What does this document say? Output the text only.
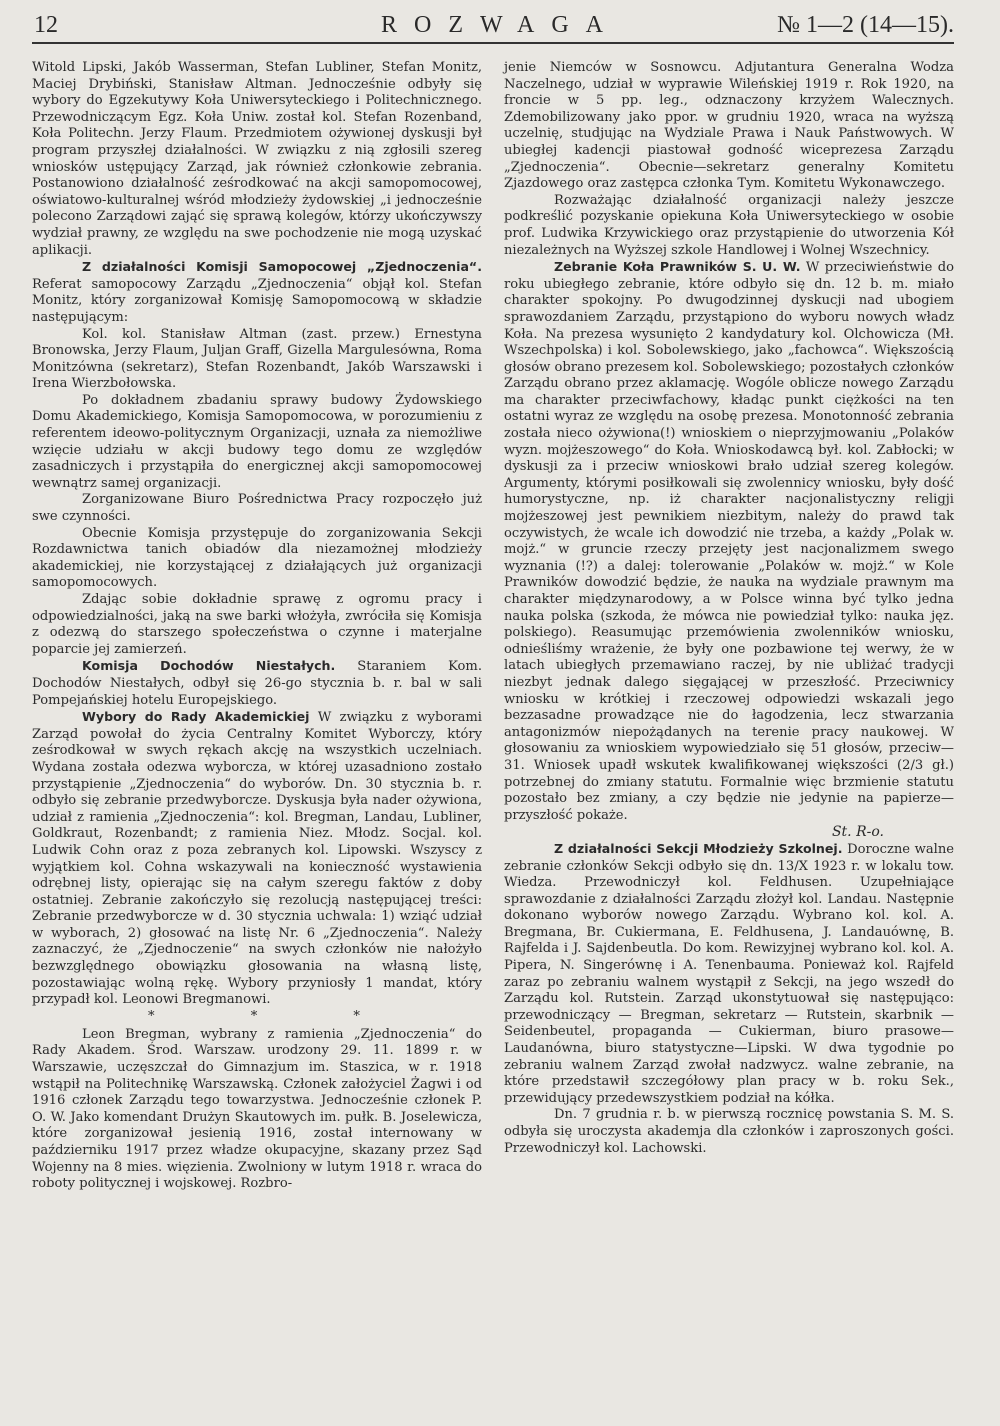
12	ROZWAGA	№ 1—2 (14—15).

Witold Lipski, Jakób Wasserman, Stefan Lubliner, Stefan Monitz, Maciej Drybiński, Stanisław Altman. Jednocześnie odbyły się wybory do Egzekutywy Koła Uniwersyteckiego i Politechnicznego. Przewodniczącym Egz. Koła Uniw. został kol. Stefan Rozenband, Koła Politechn. Jerzy Flaum. Przedmiotem ożywionej dyskusji był program przyszłej działalności. W związku z nią zgłosili szereg wniosków ustępujący Zarząd, jak również członkowie zebrania. Postanowiono działalność ześrodkować na akcji samopomocowej, oświatowo-kulturalnej wśród młodzieży żydowskiej „i jednocześnie polecono Zarządowi zająć się sprawą kolegów, którzy ukończywszy wydział prawny, ze względu na swe pochodzenie nie mogą uzyskać aplikacji.

Z działalności Komisji Samopocowej „Zjednoczenia“. Referat samopocowy Zarządu „Zjednoczenia“ objął kol. Stefan Monitz, który zorganizował Komisję Samopomocową w składzie następującym:

Kol. kol. Stanisław Altman (zast. przew.) Ernestyna Bronowska, Jerzy Flaum, Juljan Graff, Gizella Margulesówna, Roma Monitzówna (sekretarz), Stefan Rozenbandt, Jakób Warszawski i Irena Wierzbołowska.

Po dokładnem zbadaniu sprawy budowy Żydowskiego Domu Akademickiego, Komisja Samopomocowa, w porozumieniu z referentem ideowo-politycznym Organizacji, uznała za niemożliwe wzięcie udziału w akcji budowy tego domu ze względów zasadniczych i przystąpiła do energicznej akcji samopomocowej wewnątrz samej organizacji.

Zorganizowane Biuro Pośrednictwa Pracy rozpoczęło już swe czynności.

Obecnie Komisja przystępuje do zorganizowania Sekcji Rozdawnictwa tanich obiadów dla niezamożnej młodzieży akademickiej, nie korzystającej z działających już organizacji samopomocowych.

Zdając sobie dokładnie sprawę z ogromu pracy i odpowiedzialności, jaką na swe barki włożyła, zwróciła się Komisja z odezwą do starszego społeczeństwa o czynne i materjalne poparcie jej zamierzeń.

Komisja Dochodów Niestałych. Staraniem Kom. Dochodów Niestałych, odbył się 26-go stycznia b. r. bal w sali Pompejańskiej hotelu Europejskiego.

Wybory do Rady Akademickiej W związku z wyborami Zarząd powołał do życia Centralny Komitet Wyborczy, który ześrodkował w swych rękach akcję na wszystkich uczelniach. Wydana została odezwa wyborcza, w której uzasadniono zostało przystąpienie „Zjednoczenia“ do wyborów. Dn. 30 stycznia b. r. odbyło się zebranie przedwyborcze. Dyskusja była nader ożywiona, udział z ramienia „Zjednoczenia“: kol. Bregman, Landau, Lubliner, Goldkraut, Rozenbandt; z ramienia Niez. Młodz. Socjal. kol. Ludwik Cohn oraz z poza zebranych kol. Lipowski. Wszyscy z wyjątkiem kol. Cohna wskazywali na konieczność wystawienia odrębnej listy, opierając się na całym szeregu faktów z doby ostatniej. Zebranie zakończyło się rezolucją następującej treści: Zebranie przedwyborcze w d. 30 stycznia uchwala: 1) wziąć udział w wyborach, 2) głosować na listę Nr. 6 „Zjednoczenia“. Należy zaznaczyć, że „Zjednoczenie“ na swych członków nie nałożyło bezwzględnego obowiązku głosowania na własną listę, pozostawiając wolną rękę. Wybory przyniosły 1 mandat, który przypadł kol. Leonowi Bregmanowi.

* * *

Leon Bregman, wybrany z ramienia „Zjednoczenia“ do Rady Akadem. Środ. Warszaw. urodzony 29. 11. 1899 r. w Warszawie, uczęszczał do Gimnazjum im. Staszica, w r. 1918 wstąpił na Politechnikę Warszawską. Członek założyciel Żagwi i od 1916 członek Zarządu tego towarzystwa. Jednocześnie członek P. O. W. Jako komendant Drużyn Skautowych im. pułk. B. Joselewicza, które zorganizował jesienią 1916, został internowany w październiku 1917 przez władze okupacyjne, skazany przez Sąd Wojenny na 8 mies. więzienia. Zwolniony w lutym 1918 r. wraca do roboty politycznej i wojskowej. Rozbro-

jenie Niemców w Sosnowcu. Adjutantura Generalna Wodza Naczelnego, udział w wyprawie Wileńskiej 1919 r. Rok 1920, na froncie w 5 pp. leg., odznaczony krzyżem Walecznych. Zdemobilizowany jako ppor. w grudniu 1920, wraca na wyższą uczelnię, studjując na Wydziale Prawa i Nauk Państwowych. W ubiegłej kadencji piastował godność wiceprezesa Zarządu „Zjednoczenia“. Obecnie—sekretarz generalny Komitetu Zjazdowego oraz zastępca członka Tym. Komitetu Wykonawczego.

Rozważając działalność organizacji należy jeszcze podkreślić pozyskanie opiekuna Koła Uniwersyteckiego w osobie prof. Ludwika Krzywickiego oraz przystąpienie do utworzenia Kół niezależnych na Wyższej szkole Handlowej i Wolnej Wszechnicy.

Zebranie Koła Prawników S. U. W. W przeciwieństwie do roku ubiegłego zebranie, które odbyło się dn. 12 b. m. miało charakter spokojny. Po dwugodzinnej dyskucji nad ubogiem sprawozdaniem Zarządu, przystąpiono do wyboru nowych władz Koła. Na prezesa wysunięto 2 kandydatury kol. Olchowicza (Mł. Wszechpolska) i kol. Sobolewskiego, jako „fachowca“. Większością głosów obrano prezesem kol. Sobolewskiego; pozostałych członków Zarządu obrano przez aklamację. Wogóle oblicze nowego Zarządu ma charakter przeciwfachowy, kładąc punkt ciężkości na ten ostatni wyraz ze względu na osobę prezesa. Monotonność zebrania została nieco ożywiona(!) wnioskiem o nieprzyjmowaniu „Polaków wyzn. mojżeszowego“ do Koła. Wnioskodawcą był. kol. Zabłocki; w dyskusji za i przeciw wnioskowi brało udział szereg kolegów. Argumenty, którymi posiłkowali się zwolennicy wniosku, były dość humorystyczne, np. iż charakter nacjonalistyczny religji mojżeszowej jest pewnikiem niezbitym, należy do prawd tak oczywistych, że wcale ich dowodzić nie trzeba, a każdy „Polak w. mojż.“ w gruncie rzeczy przejęty jest nacjonalizmem swego wyznania (!?) a dalej: tolerowanie „Polaków w. mojż.“ w Kole Prawników dowodzić będzie, że nauka na wydziale prawnym ma charakter międzynarodowy, a w Polsce winna być tylko jedna nauka polska (szkoda, że mówca nie powiedział tylko: nauka jęz. polskiego). Reasumując przemówienia zwolenników wniosku, odnieśliśmy wrażenie, że były one pozbawione tej werwy, że w latach ubiegłych przemawiano raczej, by nie ubliżać tradycji niezbyt jednak dalego sięgającej w przeszłość. Przeciwnicy wniosku w krótkiej i rzeczowej odpowiedzi wskazali jego bezzasadne prowadzące nie do łagodzenia, lecz stwarzania antagonizmów niepożądanych na terenie pracy naukowej. W głosowaniu za wnioskiem wypowiedziało się 51 głosów, przeciw—31. Wniosek upadł wskutek kwalifikowanej większości (2/3 gł.) potrzebnej do zmiany statutu. Formalnie więc brzmienie statutu pozostało bez zmiany, a czy będzie nie jedynie na papierze—przyszłość pokaże.

St. R-o.

Z działalności Sekcji Młodzieży Szkolnej. Doroczne walne zebranie członków Sekcji odbyło się dn. 13/X 1923 r. w lokalu tow. Wiedza. Przewodniczył kol. Feldhusen. Uzupełniające sprawozdanie z działalności Zarządu złożył kol. Landau. Następnie dokonano wyborów nowego Zarządu. Wybrano kol. kol. A. Bregmana, Br. Cukiermana, E. Feldhusena, J. Landauównę, B. Rajfelda i J. Sajdenbeutla. Do kom. Rewizyjnej wybrano kol. kol. A. Pipera, N. Singerównę i A. Tenenbauma. Ponieważ kol. Rajfeld zaraz po zebraniu walnem wystąpił z Sekcji, na jego wszedł do Zarządu kol. Rutstein. Zarząd ukonstytuował się następująco: przewodniczący — Bregman, sekretarz — Rutstein, skarbnik — Seidenbeutel, propaganda — Cukierman, biuro prasowe—Laudanówna, biuro statystyczne—Lipski. W dwa tygodnie po zebraniu walnem Zarząd zwołał nadzwycz. walne zebranie, na które przedstawił szczegółowy plan pracy w b. roku Sek., przewidujący przedewszystkiem podział na kółka.

Dn. 7 grudnia r. b. w pierwszą rocznicę powstania S. M. S. odbyła się uroczysta akademja dla członków i zaproszonych gości. Przewodniczył kol. Lachowski.
